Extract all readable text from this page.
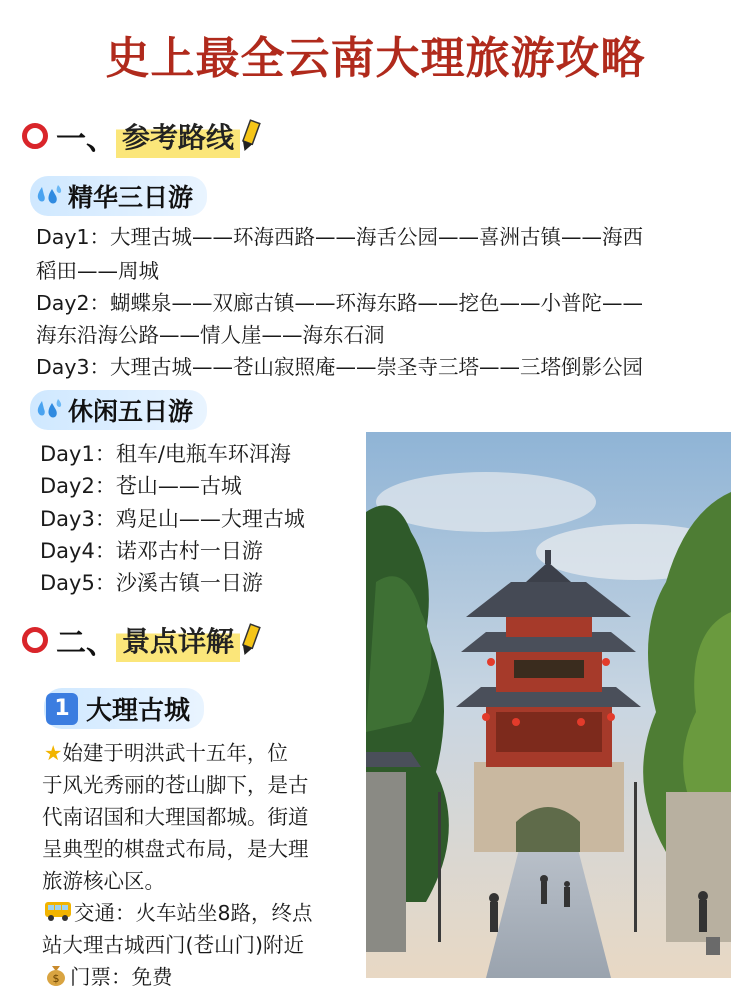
史上最全云南大理旅游攻略
一、 参考路线
精华三日游
Day1：大理古城——环海西路——海舌公园——喜洲古镇——海西
稻田——周城
Day2：蝴蝶泉——双廊古镇——环海东路——挖色——小普陀——
海东沿海公路——情人崖——海东石洞
Day3：大理古城——苍山寂照庵——崇圣寺三塔——三塔倒影公园
休闲五日游
Day1：租车/电瓶车环洱海
Day2：苍山——古城
Day3：鸡足山——大理古城
Day4：诺邓古村一日游
Day5：沙溪古镇一日游
二、 景点详解
1 大理古城
★始建于明洪武十五年，位
于风光秀丽的苍山脚下，是古
代南诏国和大理国都城。街道
呈典型的棋盘式布局，是大理
旅游核心区。
交通：火车站坐8路，终点
站大理古城西门(苍山门)附近
$ 门票：免费
